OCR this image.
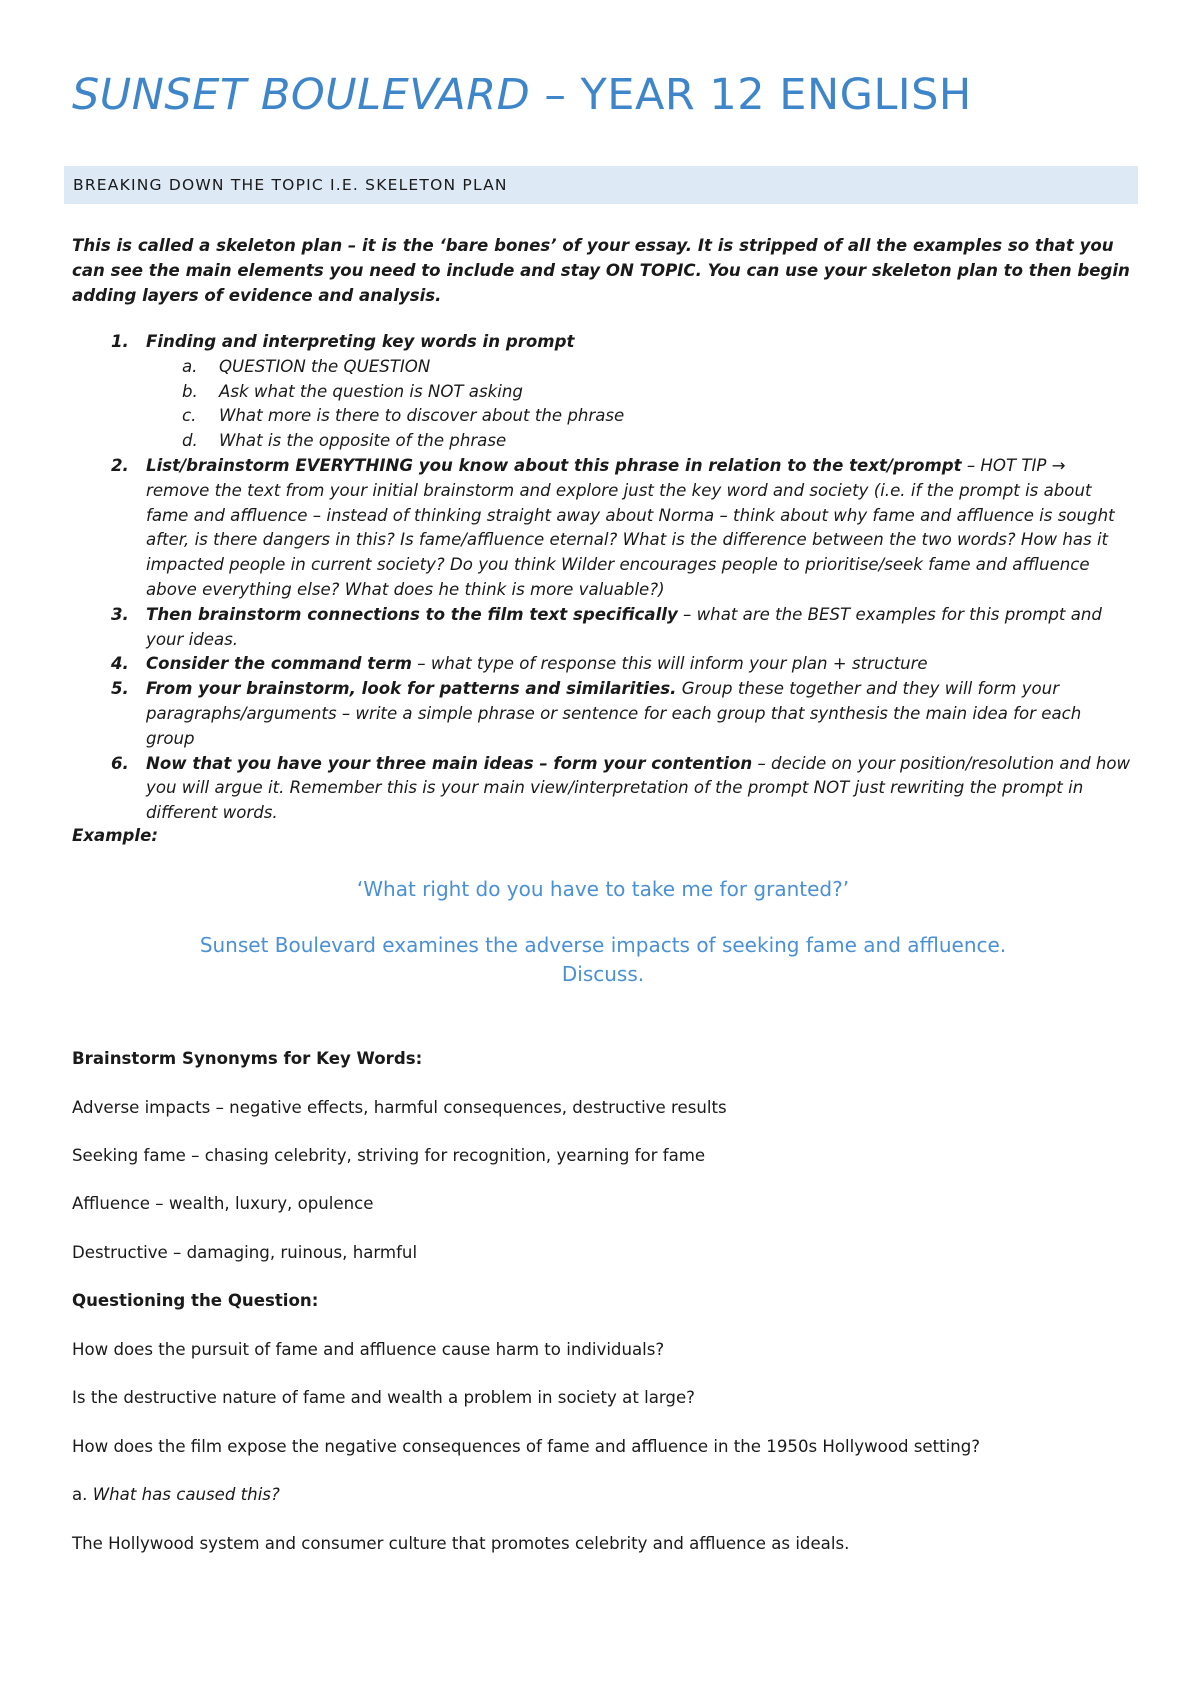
SUNSET BOULEVARD – YEAR 12 ENGLISH
BREAKING DOWN THE TOPIC I.E. SKELETON PLAN

This is called a skeleton plan – it is the ‘bare bones’ of your essay. It is stripped of all the examples so that you can see the main elements you need to include and stay ON TOPIC. You can use your skeleton plan to then begin adding layers of evidence and analysis.

1. Finding and interpreting key words in prompt
a. QUESTION the QUESTION
b. Ask what the question is NOT asking
c. What more is there to discover about the phrase
d. What is the opposite of the phrase
2. List/brainstorm EVERYTHING you know about this phrase in relation to the text/prompt – HOT TIP → remove the text from your initial brainstorm and explore just the key word and society (i.e. if the prompt is about fame and affluence – instead of thinking straight away about Norma – think about why fame and affluence is sought after, is there dangers in this? Is fame/affluence eternal? What is the difference between the two words? How has it impacted people in current society? Do you think Wilder encourages people to prioritise/seek fame and affluence above everything else? What does he think is more valuable?)
3. Then brainstorm connections to the film text specifically – what are the BEST examples for this prompt and your ideas.
4. Consider the command term – what type of response this will inform your plan + structure
5. From your brainstorm, look for patterns and similarities. Group these together and they will form your paragraphs/arguments – write a simple phrase or sentence for each group that synthesis the main idea for each group
6. Now that you have your three main ideas – form your contention – decide on your position/resolution and how you will argue it. Remember this is your main view/interpretation of the prompt NOT just rewriting the prompt in different words.

Example:

‘What right do you have to take me for granted?’

Sunset Boulevard examines the adverse impacts of seeking fame and affluence.
Discuss.

Brainstorm Synonyms for Key Words:

Adverse impacts – negative effects, harmful consequences, destructive results

Seeking fame – chasing celebrity, striving for recognition, yearning for fame

Affluence – wealth, luxury, opulence

Destructive – damaging, ruinous, harmful

Questioning the Question:

How does the pursuit of fame and affluence cause harm to individuals?

Is the destructive nature of fame and wealth a problem in society at large?

How does the film expose the negative consequences of fame and affluence in the 1950s Hollywood setting?

a. What has caused this?

The Hollywood system and consumer culture that promotes celebrity and affluence as ideals.
